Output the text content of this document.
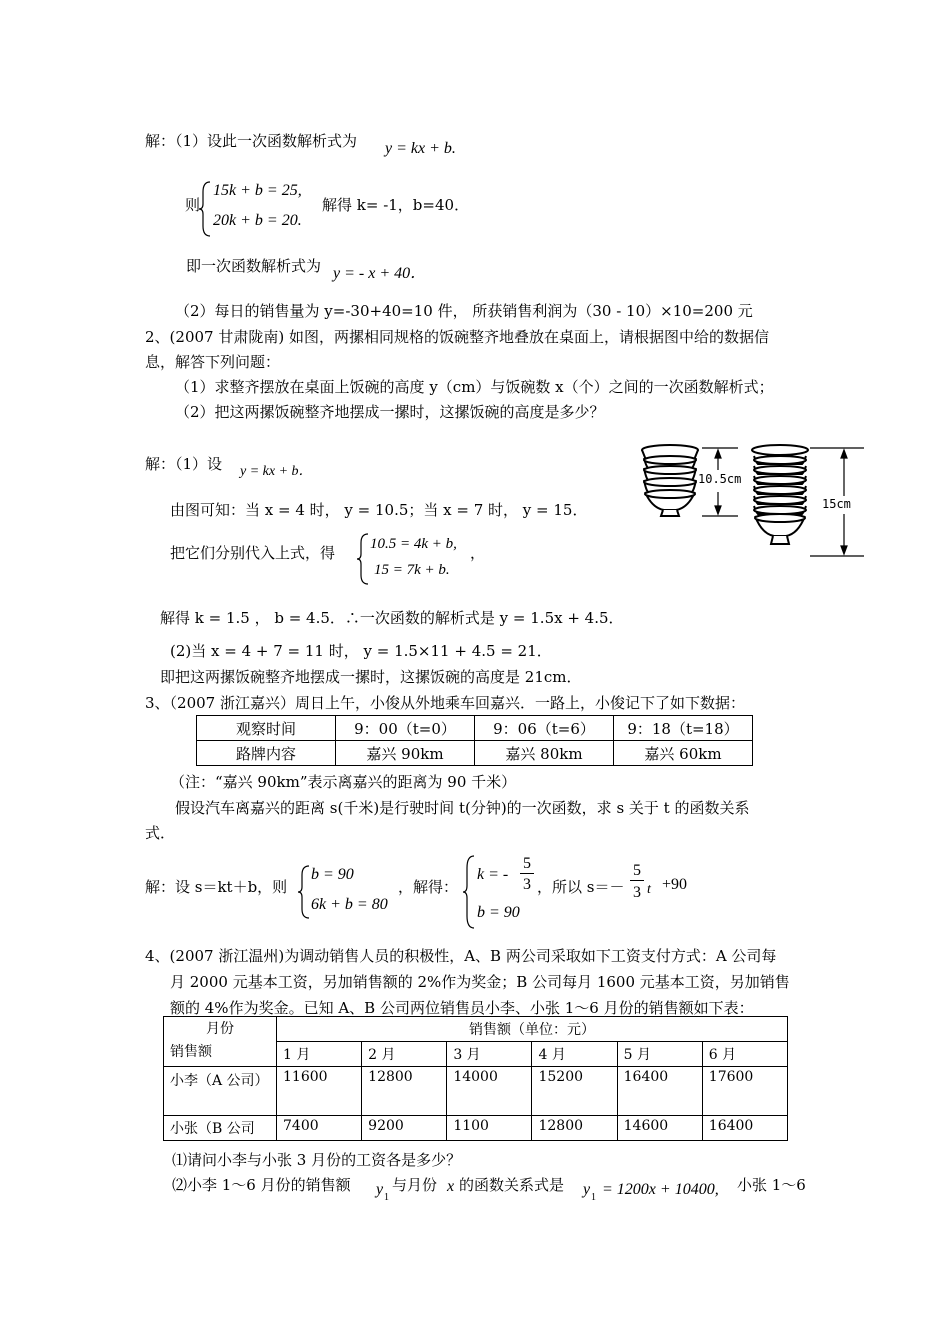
解：（1）设此一次函数解析式为 y = kx + b.
则
15k + b = 25,
20k + b = 20.
解得 k= -1，b=40．
即一次函数解析式为 y = - x + 40．
（2）每日的销售量为 y=-30+40=10 件， 所获销售利润为（30 - 10）×10=200 元
2、(2007 甘肃陇南) 如图，两摞相同规格的饭碗整齐地叠放在桌面上，请根据图中给的数据信
息，解答下列问题：
（1）求整齐摆放在桌面上饭碗的高度 y（cm）与饭碗数 x（个）之间的一次函数解析式；
（2）把这两摞饭碗整齐地摆成一摞时，这摞饭碗的高度是多少？
解：（1）设 y = kx + b．
由图可知：当 x = 4 时， y = 10.5；当 x = 7 时， y = 15．
把它们分别代入上式，得 10.5 = 4k + b, ，
15 = 7k + b.
解得 k = 1.5 ， b = 4.5．∴一次函数的解析式是 y = 1.5x + 4.5．
(2)当 x = 4 + 7 = 11 时， y = 1.5×11 + 4.5 = 21．
即把这两摞饭碗整齐地摆成一摞时，这摞饭碗的高度是 21cm．
10.5cm
15cm
3、（2007 浙江嘉兴）周日上午，小俊从外地乘车回嘉兴．一路上，小俊记下了如下数据：
观察时间	9：00（t=0）	9：06（t=6）	9：18（t=18）
路牌内容	嘉兴 90km	嘉兴 80km	嘉兴 60km
（注：“嘉兴 90km”表示离嘉兴的距离为 90 千米）
假设汽车离嘉兴的距离 s(千米)是行驶时间 t(分钟)的一次函数，求 s 关于 t 的函数关系
式．
解：设 s＝kt＋b，则
b = 90
6k + b = 80
，解得：
k = -
5
3
b = 90
，所以 s＝－
5
3 t +90
4、(2007 浙江温州)为调动销售人员的积极性，A、B 两公司采取如下工资支付方式：A 公司每
月 2000 元基本工资，另加销售额的 2%作为奖金；B 公司每月 1600 元基本工资，另加销售
额的 4%作为奖金。已知 A、B 公司两位销售员小李、小张 1～6 月份的销售额如下表：
月份
销售额	销售额（单位：元）					
	1 月	2 月	3 月	4 月	5 月	6 月
小李（A 公司）	11600	12800	14000	15200	16400	17600
小张（B 公司	7400	9200	1100	12800	14600	16400
⑴请问小李与小张 3 月份的工资各是多少？
⑵小李 1～6 月份的销售额 y 1
与月份 x 的函数关系式是 y 1 = 1200x + 10400, 小张 1～6
